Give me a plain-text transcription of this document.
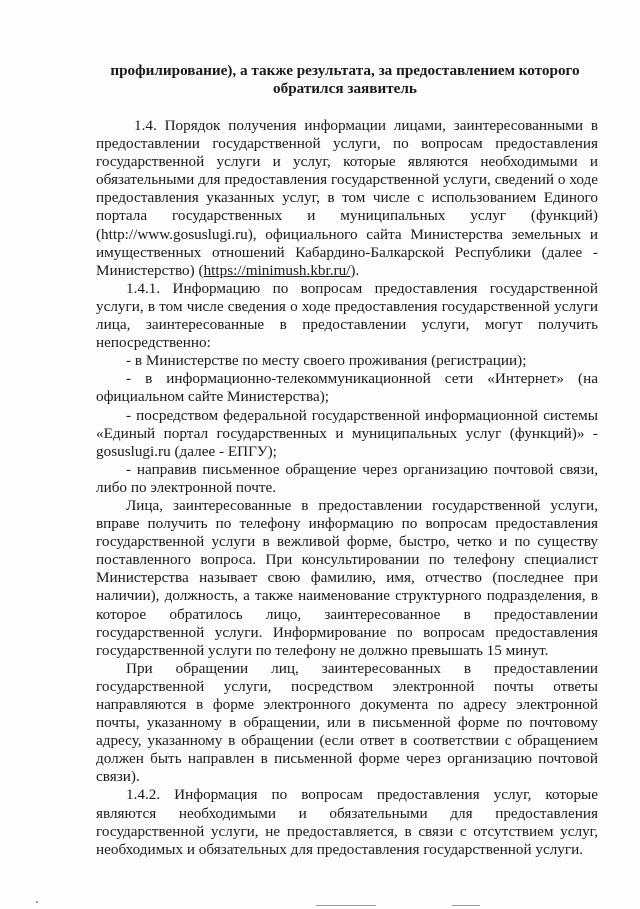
профилирование), а также результата, за предоставлением которого
обратился заявитель

1.4. Порядок получения информации лицами, заинтересованными в предоставлении государственной услуги, по вопросам предоставления государственной услуги и услуг, которые являются необходимыми и обязательными для предоставления государственной услуги, сведений о ходе предоставления указанных услуг, в том числе с использованием Единого портала государственных и муниципальных услуг (функций) (http://www.gosuslugi.ru), официального сайта Министерства земельных и имущественных отношений Кабардино-Балкарской Республики (далее - Министерство) (https://minimush.kbr.ru/).

1.4.1. Информацию по вопросам предоставления государственной услуги, в том числе сведения о ходе предоставления государственной услуги лица, заинтересованные в предоставлении услуги, могут получить непосредственно:

- в Министерстве по месту своего проживания (регистрации);

- в информационно-телекоммуникационной сети «Интернет» (на официальном сайте Министерства);

- посредством федеральной государственной информационной системы «Единый портал государственных и муниципальных услуг (функций)» - gosuslugi.ru (далее - ЕПГУ);

- направив письменное обращение через организацию почтовой связи, либо по электронной почте.

Лица, заинтересованные в предоставлении государственной услуги, вправе получить по телефону информацию по вопросам предоставления государственной услуги в вежливой форме, быстро, четко и по существу поставленного вопроса. При консультировании по телефону специалист Министерства называет свою фамилию, имя, отчество (последнее при наличии), должность, а также наименование структурного подразделения, в которое обратилось лицо, заинтересованное в предоставлении государственной услуги. Информирование по вопросам предоставления государственной услуги по телефону не должно превышать 15 минут.

При обращении лиц, заинтересованных в предоставлении государственной услуги, посредством электронной почты ответы направляются в форме электронного документа по адресу электронной почты, указанному в обращении, или в письменной форме по почтовому адресу, указанному в обращении (если ответ в соответствии с обращением должен быть направлен в письменной форме через организацию почтовой связи).

1.4.2. Информация по вопросам предоставления услуг, которые являются необходимыми и обязательными для предоставления государственной услуги, не предоставляется, в связи с отсутствием услуг, необходимых и обязательных для предоставления государственной услуги.
